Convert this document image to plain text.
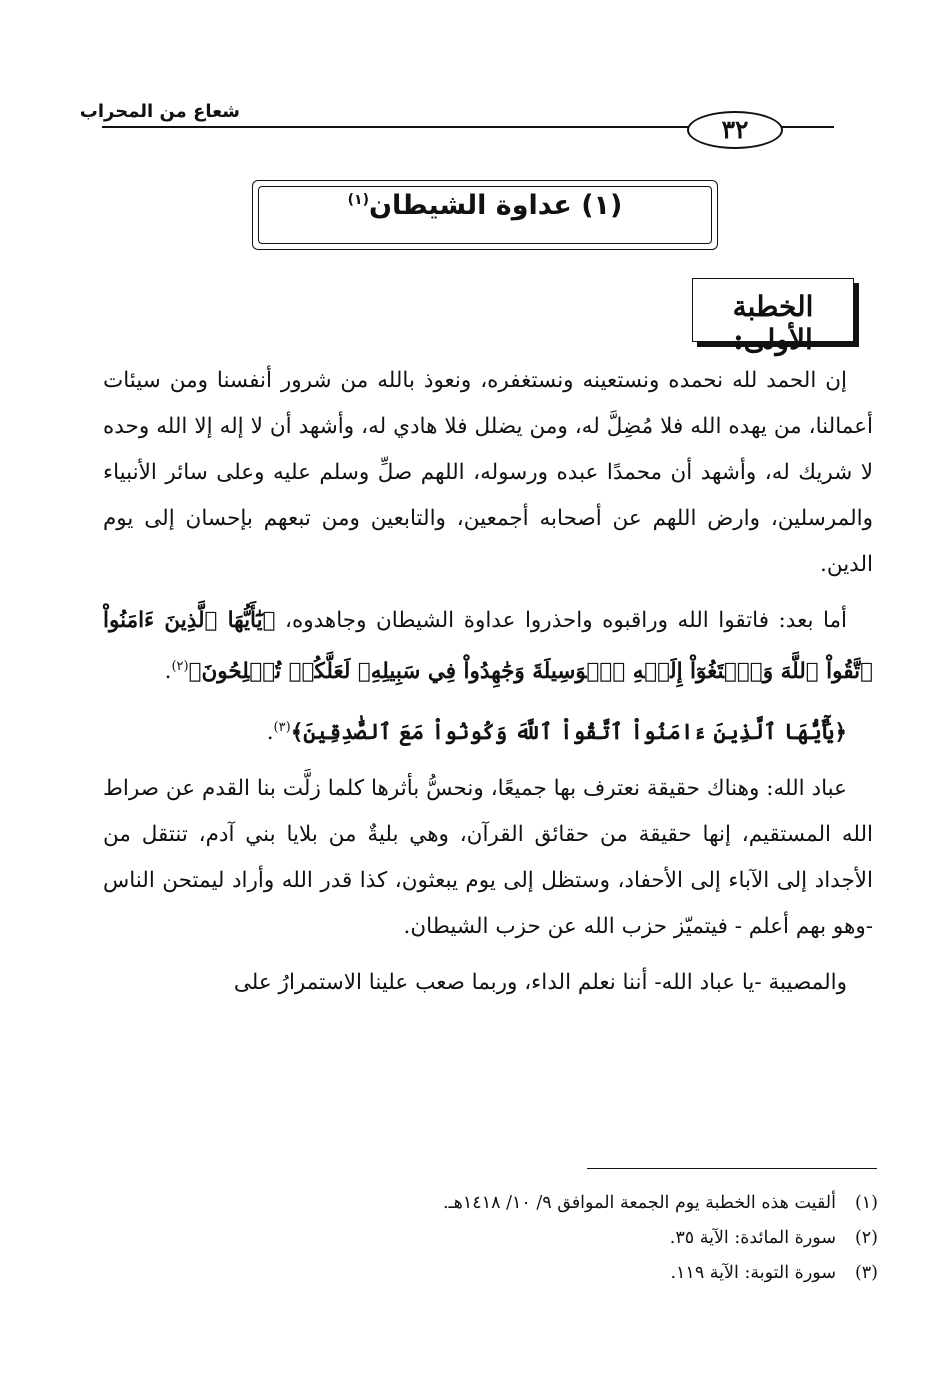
شعاع من المحراب
٣٢
(١) عداوة الشيطان$^{(١)}$
الخطبة الأولى:

إن الحمد لله نحمده ونستعينه ونستغفره، ونعوذ بالله من شرور أنفسنا ومن سيئات أعمالنا، من يهده الله فلا مُضِلَّ له، ومن يضلل فلا هادي له، وأشهد أن لا إله إلا الله وحده لا شريك له، وأشهد أن محمدًا عبده ورسوله، اللهم صلِّ وسلم عليه وعلى سائر الأنبياء والمرسلين، وارض اللهم عن أصحابه أجمعين، والتابعين ومن تبعهم بإحسان إلى يوم الدين.

أما بعد: فاتقوا الله وراقبوه واحذروا عداوة الشيطان وجاهدوه، ﴿يَٰٓأَيُّهَا ٱلَّذِينَ ءَامَنُواْ ٱتَّقُواْ ٱللَّهَ وَٱبۡتَغُوٓاْ إِلَيۡهِ ٱلۡوَسِيلَةَ وَجَٰهِدُواْ فِي سَبِيلِهِۦ لَعَلَّكُمۡ تُفۡلِحُونَ﴾$^{(٢)}$.

﴿يَٰٓأَيُّهَا ٱلَّذِينَ ءَامَنُواْ ٱتَّقُواْ ٱللَّهَ وَكُونُواْ مَعَ ٱلصَّٰدِقِينَ﴾$^{(٣)}$.

عباد الله: وهناك حقيقة نعترف بها جميعًا، ونحسُّ بأثرها كلما زلَّت بنا القدم عن صراط الله المستقيم، إنها حقيقة من حقائق القرآن، وهي بليةٌ من بلايا بني آدم، تنتقل من الأجداد إلى الآباء إلى الأحفاد، وستظل إلى يوم يبعثون، كذا قدر الله وأراد ليمتحن الناس -وهو بهم أعلم - فيتميّز حزب الله عن حزب الشيطان.

والمصيبة -يا عباد الله- أننا نعلم الداء، وربما صعب علينا الاستمرارُ على

(١)ألقيت هذه الخطبة يوم الجمعة الموافق ٩/ ١٠/ ١٤١٨هـ.
(٢)سورة المائدة: الآية ٣٥.
(٣)سورة التوبة: الآية ١١٩.
